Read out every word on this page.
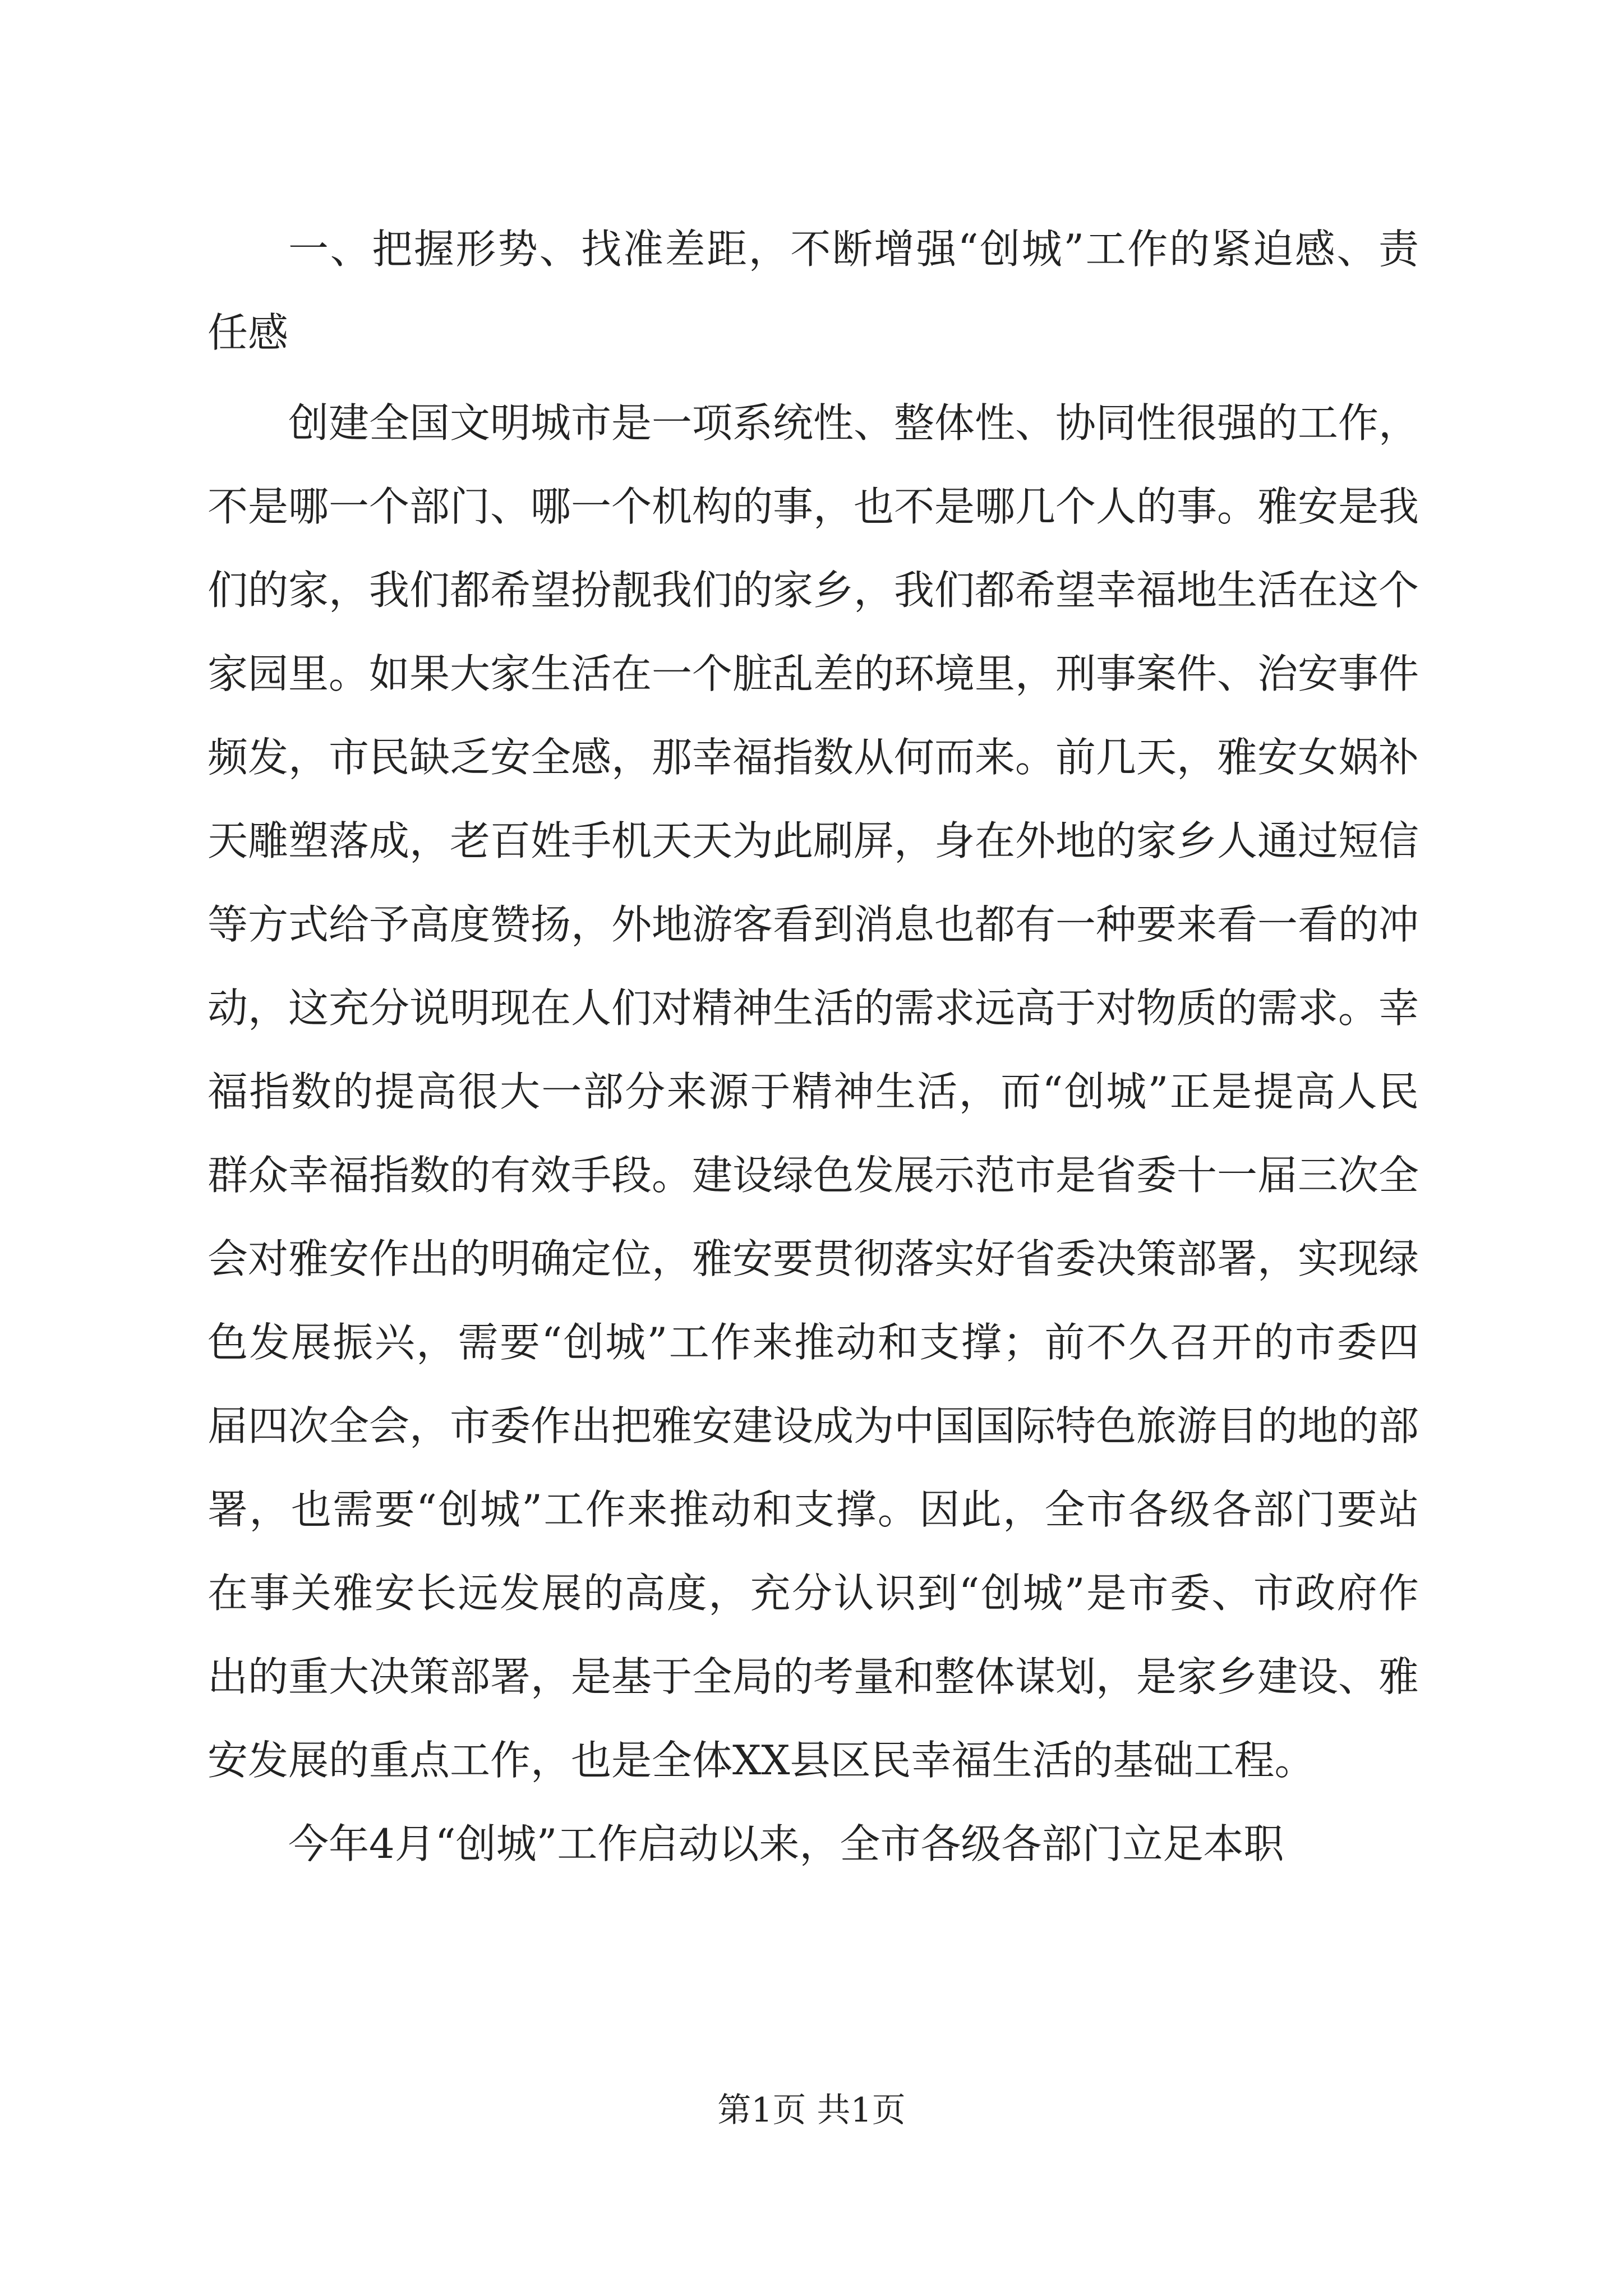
一、把握形势、找准差距，不断增强“创城”工作的紧迫感、责任感

创建全国文明城市是一项系统性、整体性、协同性很强的工作，不是哪一个部门、哪一个机构的事，也不是哪几个人的事。雅安是我们的家，我们都希望扮靓我们的家乡，我们都希望幸福地生活在这个家园里。如果大家生活在一个脏乱差的环境里，刑事案件、治安事件频发，市民缺乏安全感，那幸福指数从何而来。前几天，雅安女娲补天雕塑落成，老百姓手机天天为此刷屏，身在外地的家乡人通过短信等方式给予高度赞扬，外地游客看到消息也都有一种要来看一看的冲动，这充分说明现在人们对精神生活的需求远高于对物质的需求。幸福指数的提高很大一部分来源于精神生活，而“创城”正是提高人民群众幸福指数的有效手段。建设绿色发展示范市是省委十一届三次全会对雅安作出的明确定位，雅安要贯彻落实好省委决策部署，实现绿色发展振兴，需要“创城”工作来推动和支撑；前不久召开的市委四届四次全会，市委作出把雅安建设成为中国国际特色旅游目的地的部署，也需要“创城”工作来推动和支撑。因此，全市各级各部门要站在事关雅安长远发展的高度，充分认识到“创城”是市委、市政府作出的重大决策部署，是基于全局的考量和整体谋划，是家乡建设、雅安发展的重点工作，也是全体XX县区民幸福生活的基础工程。

今年4月“创城”工作启动以来，全市各级各部门立足本职

第1页 共1页
